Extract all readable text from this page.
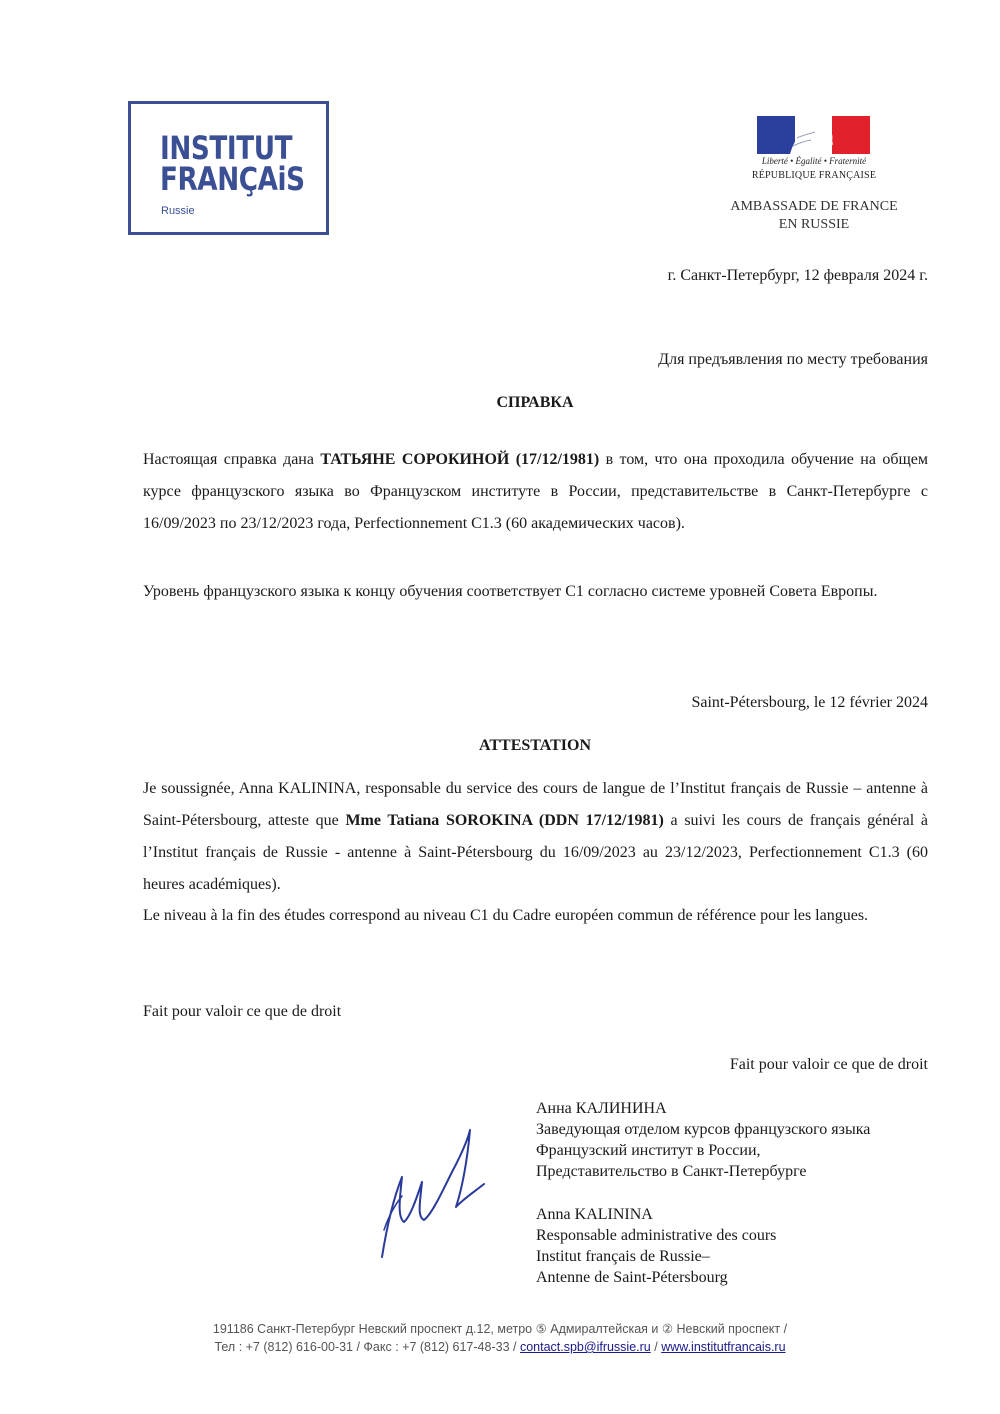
INSTITUT
FRANÇAiS
Russie
Liberté • Égalité • Fraternité
RÉPUBLIQUE FRANÇAISE
AMBASSADE DE FRANCE
EN RUSSIE
г. Санкт-Петербург, 12 февраля 2024 г.
Для предъявления по месту требования
СПРАВКА
Настоящая справка дана ТАТЬЯНЕ СОРОКИНОЙ (17/12/1981) в том, что она проходила обучение на общем курсе французского языка во Французском институте в России, представительстве в Санкт-Петербурге с 16/09/2023 по 23/12/2023 года, Perfectionnement C1.3 (60 академических часов).
Уровень французского языка к концу обучения соответствует С1 согласно системе уровней Совета Европы.
Saint-Pétersbourg, le 12 février 2024
ATTESTATION
Je soussignée, Anna KALININA, responsable du service des cours de langue de l’Institut français de Russie – antenne à Saint-Pétersbourg, atteste que Mme Tatiana SOROKINA (DDN 17/12/1981) a suivi les cours de français général à l’Institut français de Russie - antenne à Saint-Pétersbourg du 16/09/2023 au 23/12/2023, Perfectionnement C1.3 (60 heures académiques).
Le niveau à la fin des études correspond au niveau C1 du Cadre européen commun de référence pour les langues.
Fait pour valoir ce que de droit
Fait pour valoir ce que de droit
Анна КАЛИНИНА
Заведующая отделом курсов французского языка
Французский институт в России,
Представительство в Санкт-Петербурге
Anna KALININA
Responsable administrative des cours
Institut français de Russie–
Antenne de Saint-Pétersbourg
191186 Санкт-Петербург Невский проспект д.12, метро ⑤ Адмиралтейская и ② Невский проспект /
Тел : +7 (812) 616-00-31 / Факс : +7 (812) 617-48-33 / contact.spb@ifrussie.ru / www.institutfrancais.ru
